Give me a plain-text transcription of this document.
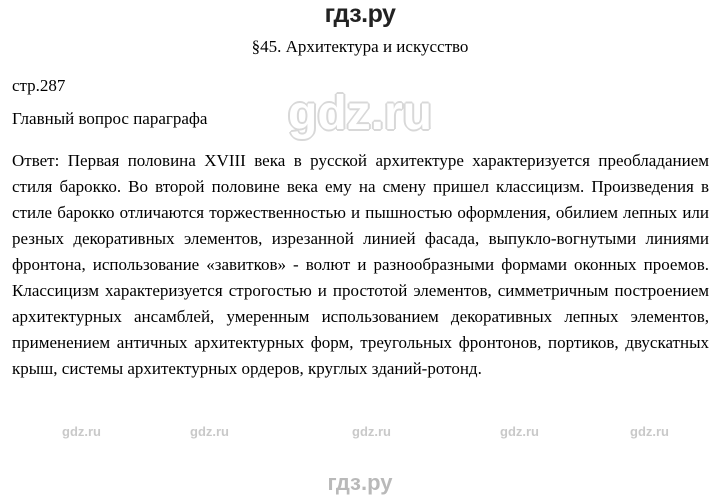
гдз.ру
§45. Архитектура и искусство
стр.287
Главный вопрос параграфа	gdz.ru

Ответ: Первая половина XVIII века в русской архитектуре характеризуется преобладанием стиля барокко. Во второй половине века ему на смену пришел классицизм. Произведения в стиле барокко отличаются торжественностью и пышностью оформления, обилием лепных или резных декоративных элементов, изрезанной линией фасада, выпукло-вогнутыми линиями фронтона, использование «завитков» - волют и разнообразными формами оконных проемов. Классицизм характеризуется строгостью и простотой элементов, симметричным построением архитектурных ансамблей, умеренным использованием декоративных лепных элементов, применением античных архитектурных форм, треугольных фронтонов, портиков, двускатных крыш, системы архитектурных ордеров, круглых зданий-ротонд.

gdz.ru	gdz.ru	gdz.ru	gdz.ru	gdz.ru
гдз.ру
